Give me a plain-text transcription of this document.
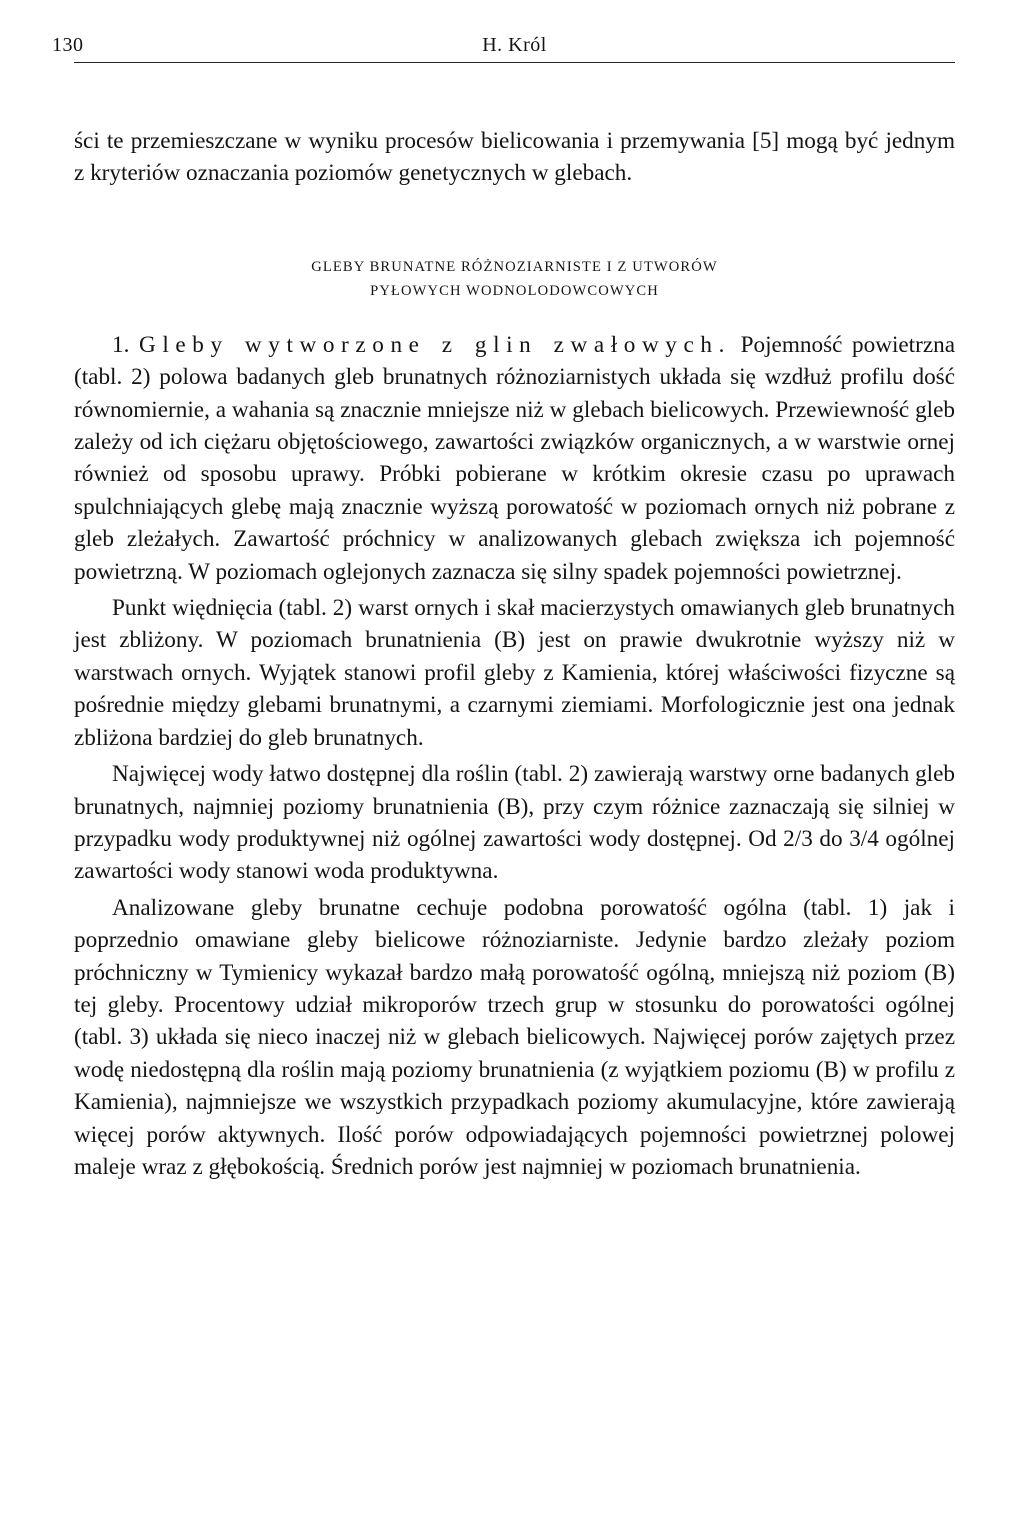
130	H. Król

ści te przemieszczane w wyniku procesów bielicowania i przemywania [5] mogą być jednym z kryteriów oznaczania poziomów genetycznych w glebach.

GLEBY BRUNATNE RÓŻNOZIARNISTE I Z UTWORÓW
PYŁOWYCH WODNOLODOWCOWYCH

1. Gleby wytworzone z glin zwałowych. Pojemność powietrzna (tabl. 2) polowa badanych gleb brunatnych różnoziarnistych układa się wzdłuż profilu dość równomiernie, a wahania są znacznie mniejsze niż w glebach bielicowych. Przewiewność gleb zależy od ich ciężaru objętościowego, zawartości związków organicznych, a w warstwie ornej również od sposobu uprawy. Próbki pobierane w krótkim okresie czasu po uprawach spulchniających glebę mają znacznie wyższą porowatość w poziomach ornych niż pobrane z gleb zleżałych. Zawartość próchnicy w analizowanych glebach zwiększa ich pojemność powietrzną. W poziomach oglejonych zaznacza się silny spadek pojemności powietrznej.

Punkt więdnięcia (tabl. 2) warst ornych i skał macierzystych omawianych gleb brunatnych jest zbliżony. W poziomach brunatnienia (B) jest on prawie dwukrotnie wyższy niż w warstwach ornych. Wyjątek stanowi profil gleby z Kamienia, której właściwości fizyczne są pośrednie między glebami brunatnymi, a czarnymi ziemiami. Morfologicznie jest ona jednak zbliżona bardziej do gleb brunatnych.

Najwięcej wody łatwo dostępnej dla roślin (tabl. 2) zawierają warstwy orne badanych gleb brunatnych, najmniej poziomy brunatnienia (B), przy czym różnice zaznaczają się silniej w przypadku wody produktywnej niż ogólnej zawartości wody dostępnej. Od 2/3 do 3/4 ogólnej zawartości wody stanowi woda produktywna.

Analizowane gleby brunatne cechuje podobna porowatość ogólna (tabl. 1) jak i poprzednio omawiane gleby bielicowe różnoziarniste. Jedynie bardzo zleżały poziom próchniczny w Tymienicy wykazał bardzo małą porowatość ogólną, mniejszą niż poziom (B) tej gleby. Procentowy udział mikroporów trzech grup w stosunku do porowatości ogólnej (tabl. 3) układa się nieco inaczej niż w glebach bielicowych. Najwięcej porów zajętych przez wodę niedostępną dla roślin mają poziomy brunatnienia (z wyjątkiem poziomu (B) w profilu z Kamienia), najmniejsze we wszystkich przypadkach poziomy akumulacyjne, które zawierają więcej porów aktywnych. Ilość porów odpowiadających pojemności powietrznej polowej maleje wraz z głębokością. Średnich porów jest najmniej w poziomach brunatnienia.
